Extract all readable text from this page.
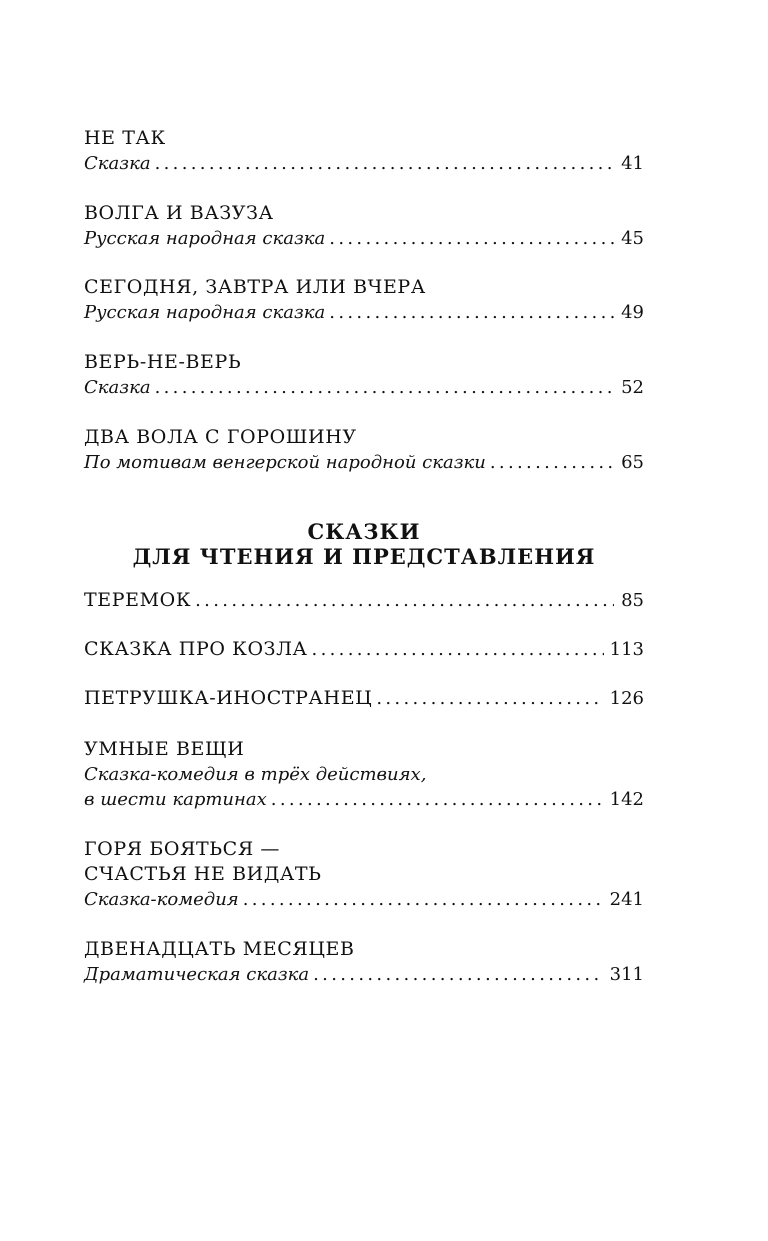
НЕ ТАК
Сказка . . .	41
ВОЛГА И ВАЗУЗА
Русская народная сказка . . .	45
СЕГОДНЯ, ЗАВТРА ИЛИ ВЧЕРА
Русская народная сказка . . .	49
ВЕРЬ-НЕ-ВЕРЬ
Сказка . . .	52
ДВА ВОЛА С ГОРОШИНУ
По мотивам венгерской народной сказки . . .	65
СКАЗКИ
ДЛЯ ЧТЕНИЯ И ПРЕДСТАВЛЕНИЯ
ТЕРЕМОК . . .	85
СКАЗКА ПРО КОЗЛА . . .	113
ПЕТРУШКА-ИНОСТРАНЕЦ . . .	126
УМНЫЕ ВЕЩИ
Сказка-комедия в трёх действиях,
в шести картинах . . .	142
ГОРЯ БОЯТЬСЯ —
СЧАСТЬЯ НЕ ВИДАТЬ
Сказка-комедия . . .	241
ДВЕНАДЦАТЬ МЕСЯЦЕВ
Драматическая сказка . . .	311
